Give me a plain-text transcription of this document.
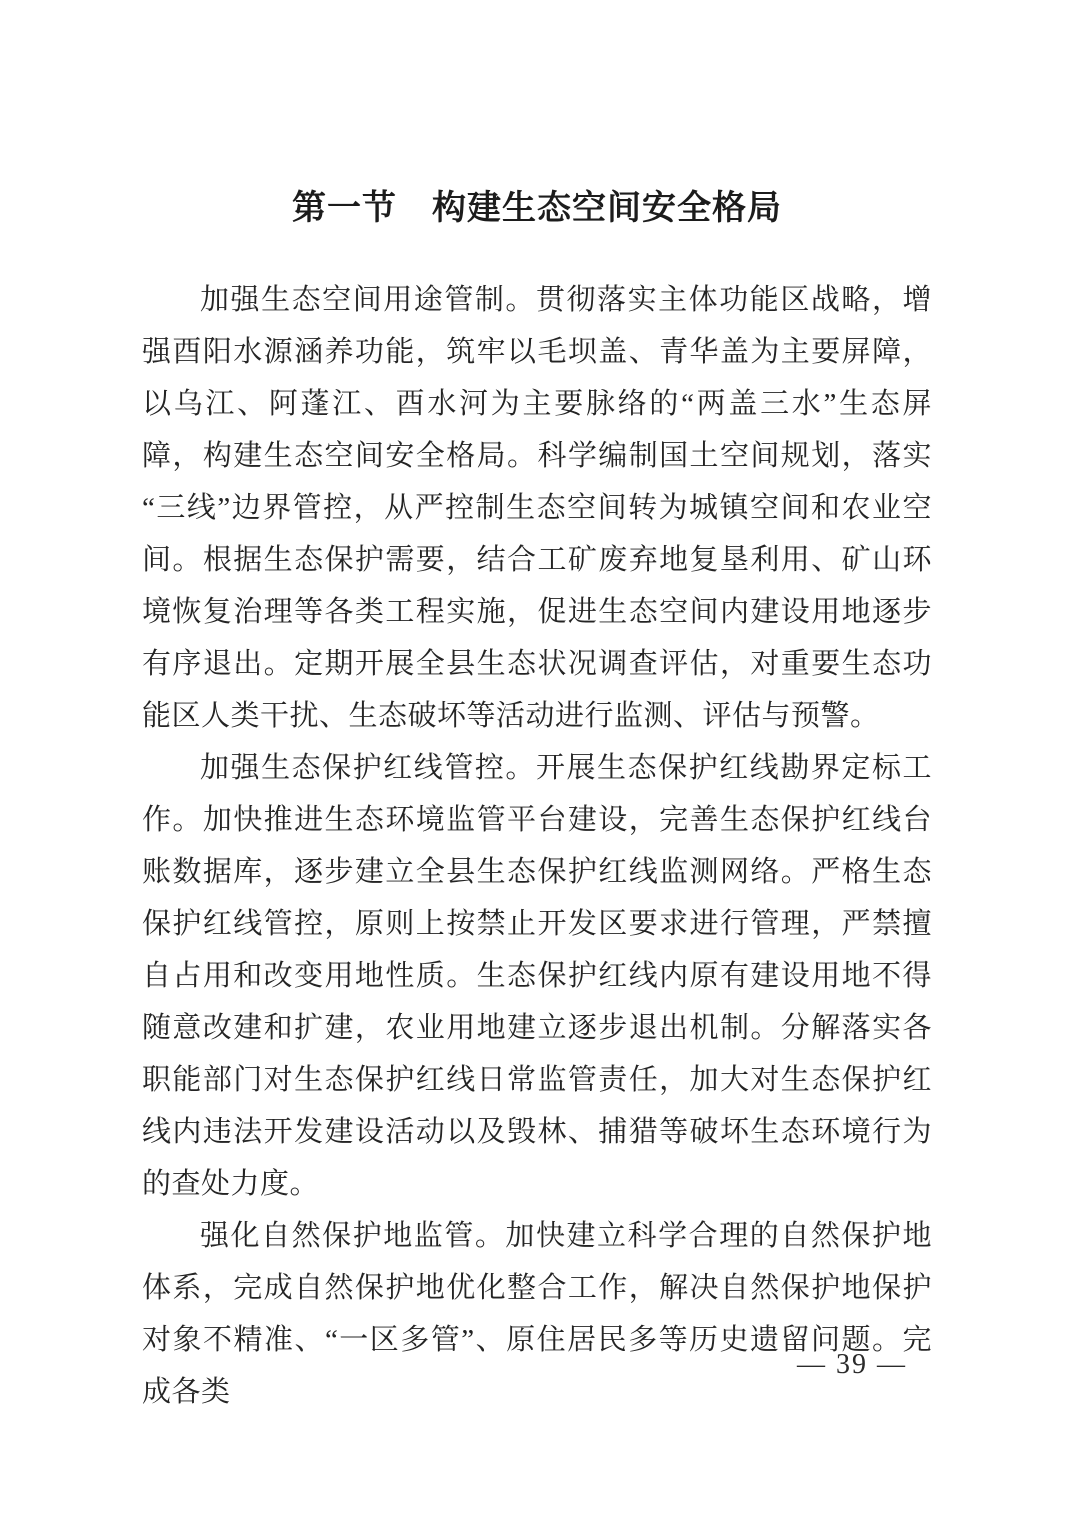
第一节　构建生态空间安全格局

加强生态空间用途管制。贯彻落实主体功能区战略，增强酉阳水源涵养功能，筑牢以毛坝盖、青华盖为主要屏障，以乌江、阿蓬江、酉水河为主要脉络的“两盖三水”生态屏障，构建生态空间安全格局。科学编制国土空间规划，落实“三线”边界管控，从严控制生态空间转为城镇空间和农业空间。根据生态保护需要，结合工矿废弃地复垦利用、矿山环境恢复治理等各类工程实施，促进生态空间内建设用地逐步有序退出。定期开展全县生态状况调查评估，对重要生态功能区人类干扰、生态破坏等活动进行监测、评估与预警。

加强生态保护红线管控。开展生态保护红线勘界定标工作。加快推进生态环境监管平台建设，完善生态保护红线台账数据库，逐步建立全县生态保护红线监测网络。严格生态保护红线管控，原则上按禁止开发区要求进行管理，严禁擅自占用和改变用地性质。生态保护红线内原有建设用地不得随意改建和扩建，农业用地建立逐步退出机制。分解落实各职能部门对生态保护红线日常监管责任，加大对生态保护红线内违法开发建设活动以及毁林、捕猎等破坏生态环境行为的查处力度。

强化自然保护地监管。加快建立科学合理的自然保护地体系，完成自然保护地优化整合工作，解决自然保护地保护对象不精准、“一区多管”、原住居民多等历史遗留问题。完成各类

— 39 —
